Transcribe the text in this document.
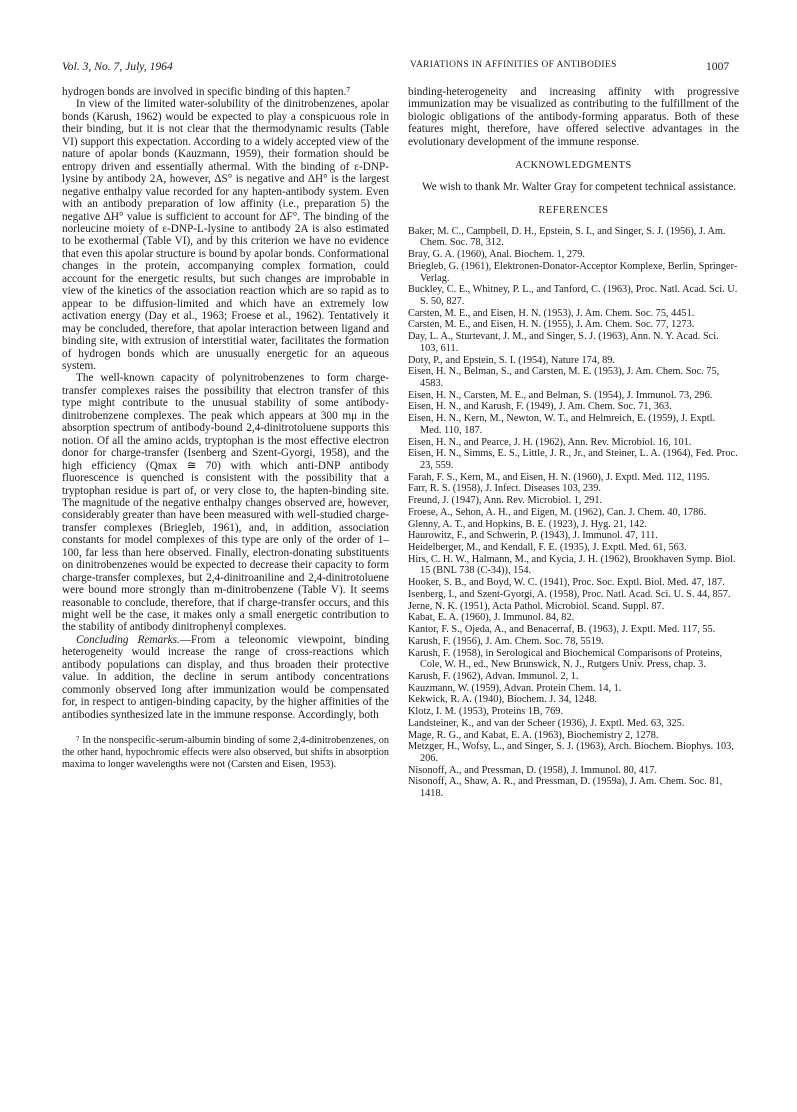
Vol. 3, No. 7, July, 1964	VARIATIONS IN AFFINITIES OF ANTIBODIES	1007

hydrogen bonds are involved in specific binding of this hapten.⁷

In view of the limited water-solubility of the dinitrobenzenes, apolar bonds (Karush, 1962) would be expected to play a conspicuous role in their binding, but it is not clear that the thermodynamic results (Table VI) support this expectation. According to a widely accepted view of the nature of apolar bonds (Kauzmann, 1959), their formation should be entropy driven and essentially athermal. With the binding of ε-DNP-lysine by antibody 2A, however, ΔS° is negative and ΔH° is the largest negative enthalpy value recorded for any hapten-antibody system. Even with an antibody preparation of low affinity (i.e., preparation 5) the negative ΔH° value is sufficient to account for ΔF°. The binding of the norleucine moiety of ε-DNP-L-lysine to antibody 2A is also estimated to be exothermal (Table VI), and by this criterion we have no evidence that even this apolar structure is bound by apolar bonds. Conformational changes in the protein, accompanying complex formation, could account for the energetic results, but such changes are improbable in view of the kinetics of the association reaction which are so rapid as to appear to be diffusion-limited and which have an extremely low activation energy (Day et al., 1963; Froese et al., 1962). Tentatively it may be concluded, therefore, that apolar interaction between ligand and binding site, with extrusion of interstitial water, facilitates the formation of hydrogen bonds which are unusually energetic for an aqueous system.

The well-known capacity of polynitrobenzenes to form charge-transfer complexes raises the possibility that electron transfer of this type might contribute to the unusual stability of some antibody-dinitrobenzene complexes. The peak which appears at 300 mμ in the absorption spectrum of antibody-bound 2,4-dinitrotoluene supports this notion. Of all the amino acids, tryptophan is the most effective electron donor for charge-transfer (Isenberg and Szent-Gyorgi, 1958), and the high efficiency (Qmax ≅ 70) with which anti-DNP antibody fluorescence is quenched is consistent with the possibility that a tryptophan residue is part of, or very close to, the hapten-binding site. The magnitude of the negative enthalpy changes observed are, however, considerably greater than have been measured with well-studied charge-transfer complexes (Briegleb, 1961), and, in addition, association constants for model complexes of this type are only of the order of 1–100, far less than here observed. Finally, electron-donating substituents on dinitrobenzenes would be expected to decrease their capacity to form charge-transfer complexes, but 2,4-dinitroaniline and 2,4-dinitrotoluene were bound more strongly than m-dinitrobenzene (Table V). It seems reasonable to conclude, therefore, that if charge-transfer occurs, and this might well be the case, it makes only a small energetic contribution to the stability of antibody dinitrophenyl complexes.

Concluding Remarks.—From a teleonomic viewpoint, binding heterogeneity would increase the range of cross-reactions which antibody populations can display, and thus broaden their protective value. In addition, the decline in serum antibody concentrations commonly observed long after immunization would be compensated for, in respect to antigen-binding capacity, by the higher affinities of the antibodies synthesized late in the immune response. Accordingly, both

⁷ In the nonspecific-serum-albumin binding of some 2,4-dinitrobenzenes, on the other hand, hypochromic effects were also observed, but shifts in absorption maxima to longer wavelengths were not (Carsten and Eisen, 1953).

binding-heterogeneity and increasing affinity with progressive immunization may be visualized as contributing to the fulfillment of the biologic obligations of the antibody-forming apparatus. Both of these features might, therefore, have offered selective advantages in the evolutionary development of the immune response.

ACKNOWLEDGMENTS

We wish to thank Mr. Walter Gray for competent technical assistance.

REFERENCES

Baker, M. C., Campbell, D. H., Epstein, S. I., and Singer, S. J. (1956), J. Am. Chem. Soc. 78, 312.

Bray, G. A. (1960), Anal. Biochem. 1, 279.

Briegleb, G. (1961), Elektronen-Donator-Acceptor Komplexe, Berlin, Springer-Verlag.

Buckley, C. E., Whitney, P. L., and Tanford, C. (1963), Proc. Natl. Acad. Sci. U. S. 50, 827.

Carsten, M. E., and Eisen, H. N. (1953), J. Am. Chem. Soc. 75, 4451.

Carsten, M. E., and Eisen, H. N. (1955), J. Am. Chem. Soc. 77, 1273.

Day, L. A., Sturtevant, J. M., and Singer, S. J. (1963), Ann. N. Y. Acad. Sci. 103, 611.

Doty, P., and Epstein, S. I. (1954), Nature 174, 89.

Eisen, H. N., Belman, S., and Carsten, M. E. (1953), J. Am. Chem. Soc. 75, 4583.

Eisen, H. N., Carsten, M. E., and Belman, S. (1954), J. Immunol. 73, 296.

Eisen, H. N., and Karush, F. (1949), J. Am. Chem. Soc. 71, 363.

Eisen, H. N., Kern, M., Newton, W. T., and Helmreich, E. (1959), J. Exptl. Med. 110, 187.

Eisen, H. N., and Pearce, J. H. (1962), Ann. Rev. Microbiol. 16, 101.

Eisen, H. N., Simms, E. S., Little, J. R., Jr., and Steiner, L. A. (1964), Fed. Proc. 23, 559.

Farah, F. S., Kern, M., and Eisen, H. N. (1960), J. Exptl. Med. 112, 1195.

Farr, R. S. (1958), J. Infect. Diseases 103, 239.

Freund, J. (1947), Ann. Rev. Microbiol. 1, 291.

Froese, A., Sehon, A. H., and Eigen, M. (1962), Can. J. Chem. 40, 1786.

Glenny, A. T., and Hopkins, B. E. (1923), J. Hyg. 21, 142.

Haurowitz, F., and Schwerin, P. (1943), J. Immunol. 47, 111.

Heidelberger, M., and Kendall, F. E. (1935), J. Exptl. Med. 61, 563.

Hirs, C. H. W., Halmann, M., and Kycia, J. H. (1962), Brookhaven Symp. Biol. 15 (BNL 738 (C-34)), 154.

Hooker, S. B., and Boyd, W. C. (1941), Proc. Soc. Exptl. Biol. Med. 47, 187.

Isenberg, I., and Szent-Gyorgi, A. (1958), Proc. Natl. Acad. Sci. U. S. 44, 857.

Jerne, N. K. (1951), Acta Pathol. Microbiol. Scand. Suppl. 87.

Kabat, E. A. (1960), J. Immunol. 84, 82.

Kantor, F. S., Ojeda, A., and Benacerraf, B. (1963), J. Exptl. Med. 117, 55.

Karush, F. (1956), J. Am. Chem. Soc. 78, 5519.

Karush, F. (1958), in Serological and Biochemical Comparisons of Proteins, Cole, W. H., ed., New Brunswick, N. J., Rutgers Univ. Press, chap. 3.

Karush, F. (1962), Advan. Immunol. 2, 1.

Kauzmann, W. (1959), Advan. Protein Chem. 14, 1.

Kekwick, R. A. (1940), Biochem. J. 34, 1248.

Klotz, I. M. (1953), Proteins 1B, 769.

Landsteiner, K., and van der Scheer (1936), J. Exptl. Med. 63, 325.

Mage, R. G., and Kabat, E. A. (1963), Biochemistry 2, 1278.

Metzger, H., Wofsy, L., and Singer, S. J. (1963), Arch. Biochem. Biophys. 103, 206.

Nisonoff, A., and Pressman, D. (1958), J. Immunol. 80, 417.

Nisonoff, A., Shaw, A. R., and Pressman, D. (1959a), J. Am. Chem. Soc. 81, 1418.
